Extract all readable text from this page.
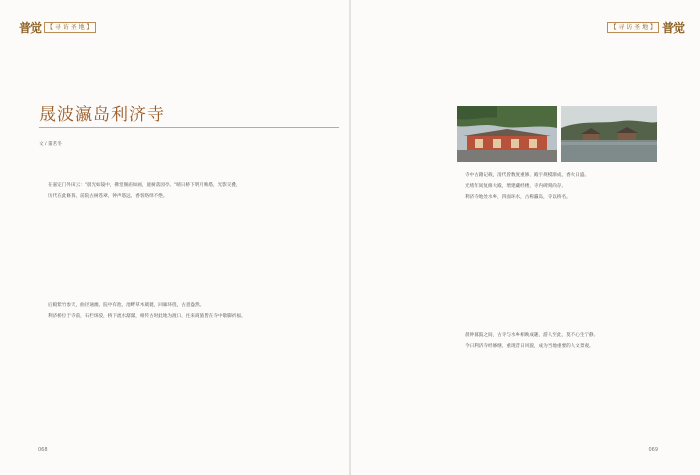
普觉	【 寻 访 圣 地 】
晟波瀛岛利济寺
文 / 董茗冬

在嘉定门外田云："晨光如镜中，佛堂阁庙如画，庭树落园亭。"晴日桥下明月映塔，光影交叠，

历代在此修葺，前院古树苍翠，钟声悠远，香客络绎不绝。

后殿紫竹参天，曲径通幽，院中有池，池畔草木葳蕤，回廊环绕，古意盎然。

利济桥位于寺前，石栏斑驳，桥下流水潺潺，相传古时此地为渡口，往来商旅皆在寺中歇脚祈福。

068
【 寻 访 圣 地 】 普觉

寺中古籍记载，清代曾数度重修，殿宇规模渐成，香火日盛。

光绪年间复修大殿，增建藏经楼，寺内碑刻尚存。

利济寺地处水乡，四面环水，古称瀛岛，寺以桥名。

晨钟暮鼓之间，古寺与水乡相映成趣，游人至此，莫不心生宁静。

今日利济寺经修缮，重现昔日风貌，成为当地重要的人文景观。

069
